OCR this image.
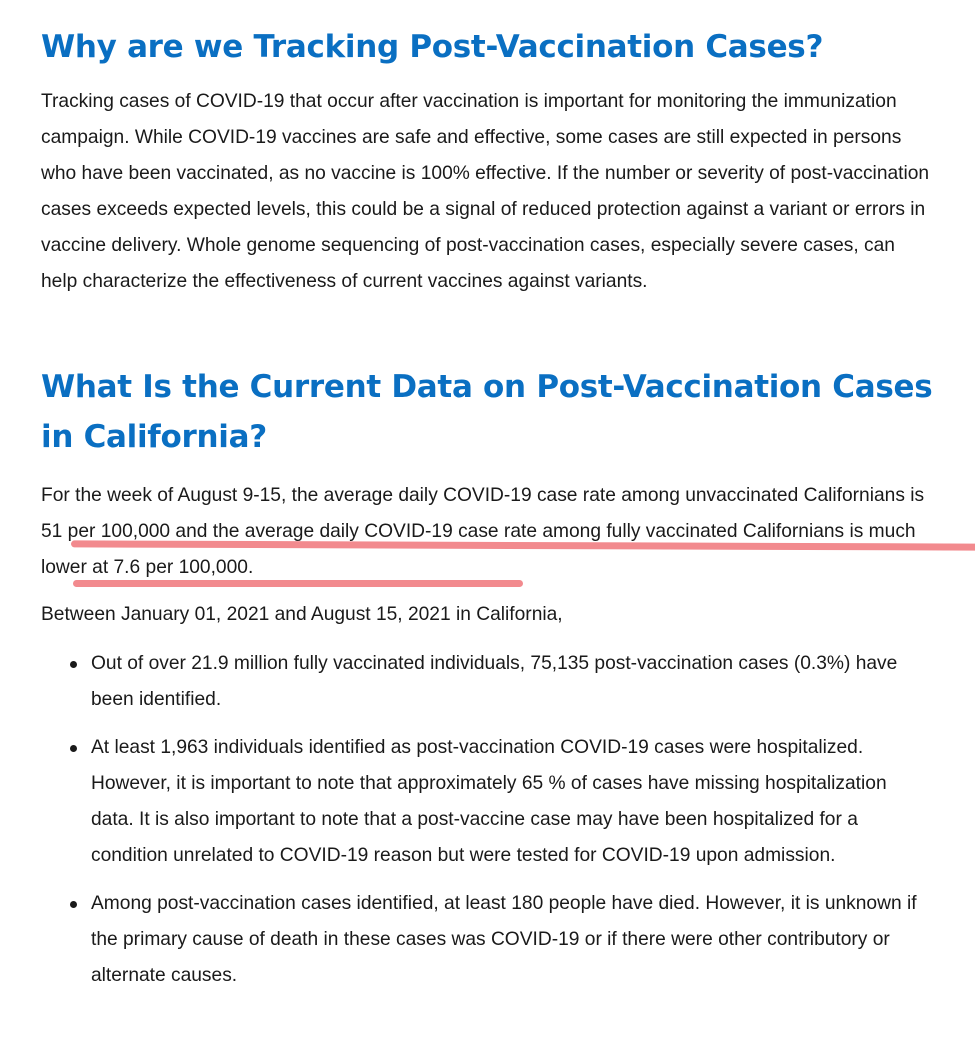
Why are we Tracking Post-Vaccination Cases?

Tracking cases of COVID-19 that occur after vaccination is important for monitoring the immunization campaign. While COVID-19 vaccines are safe and effective, some cases are still expected in persons who have been vaccinated, as no vaccine is 100% effective. If the number or severity of post-vaccination cases exceeds expected levels, this could be a signal of reduced protection against a variant or errors in vaccine delivery. Whole genome sequencing of post-vaccination cases, especially severe cases, can help characterize the effectiveness of current vaccines against variants.

What Is the Current Data on Post-Vaccination Cases in California?

For the week of August 9-15, the average daily COVID-19 case rate among unvaccinated Californians is 51 per 100,000 and the average daily COVID-19 case rate among fully vaccinated Californians is much lower at 7.6 per 100,000.

Between January 01, 2021 and August 15, 2021 in California,

Out of over 21.9 million fully vaccinated individuals, 75,135 post-vaccination cases (0.3%) have been identified.
At least 1,963 individuals identified as post-vaccination COVID-19 cases were hospitalized. However, it is important to note that approximately 65 % of cases have missing hospitalization data. It is also important to note that a post-vaccine case may have been hospitalized for a condition unrelated to COVID-19 reason but were tested for COVID-19 upon admission.
Among post-vaccination cases identified, at least 180 people have died. However, it is unknown if the primary cause of death in these cases was COVID-19 or if there were other contributory or alternate causes.
